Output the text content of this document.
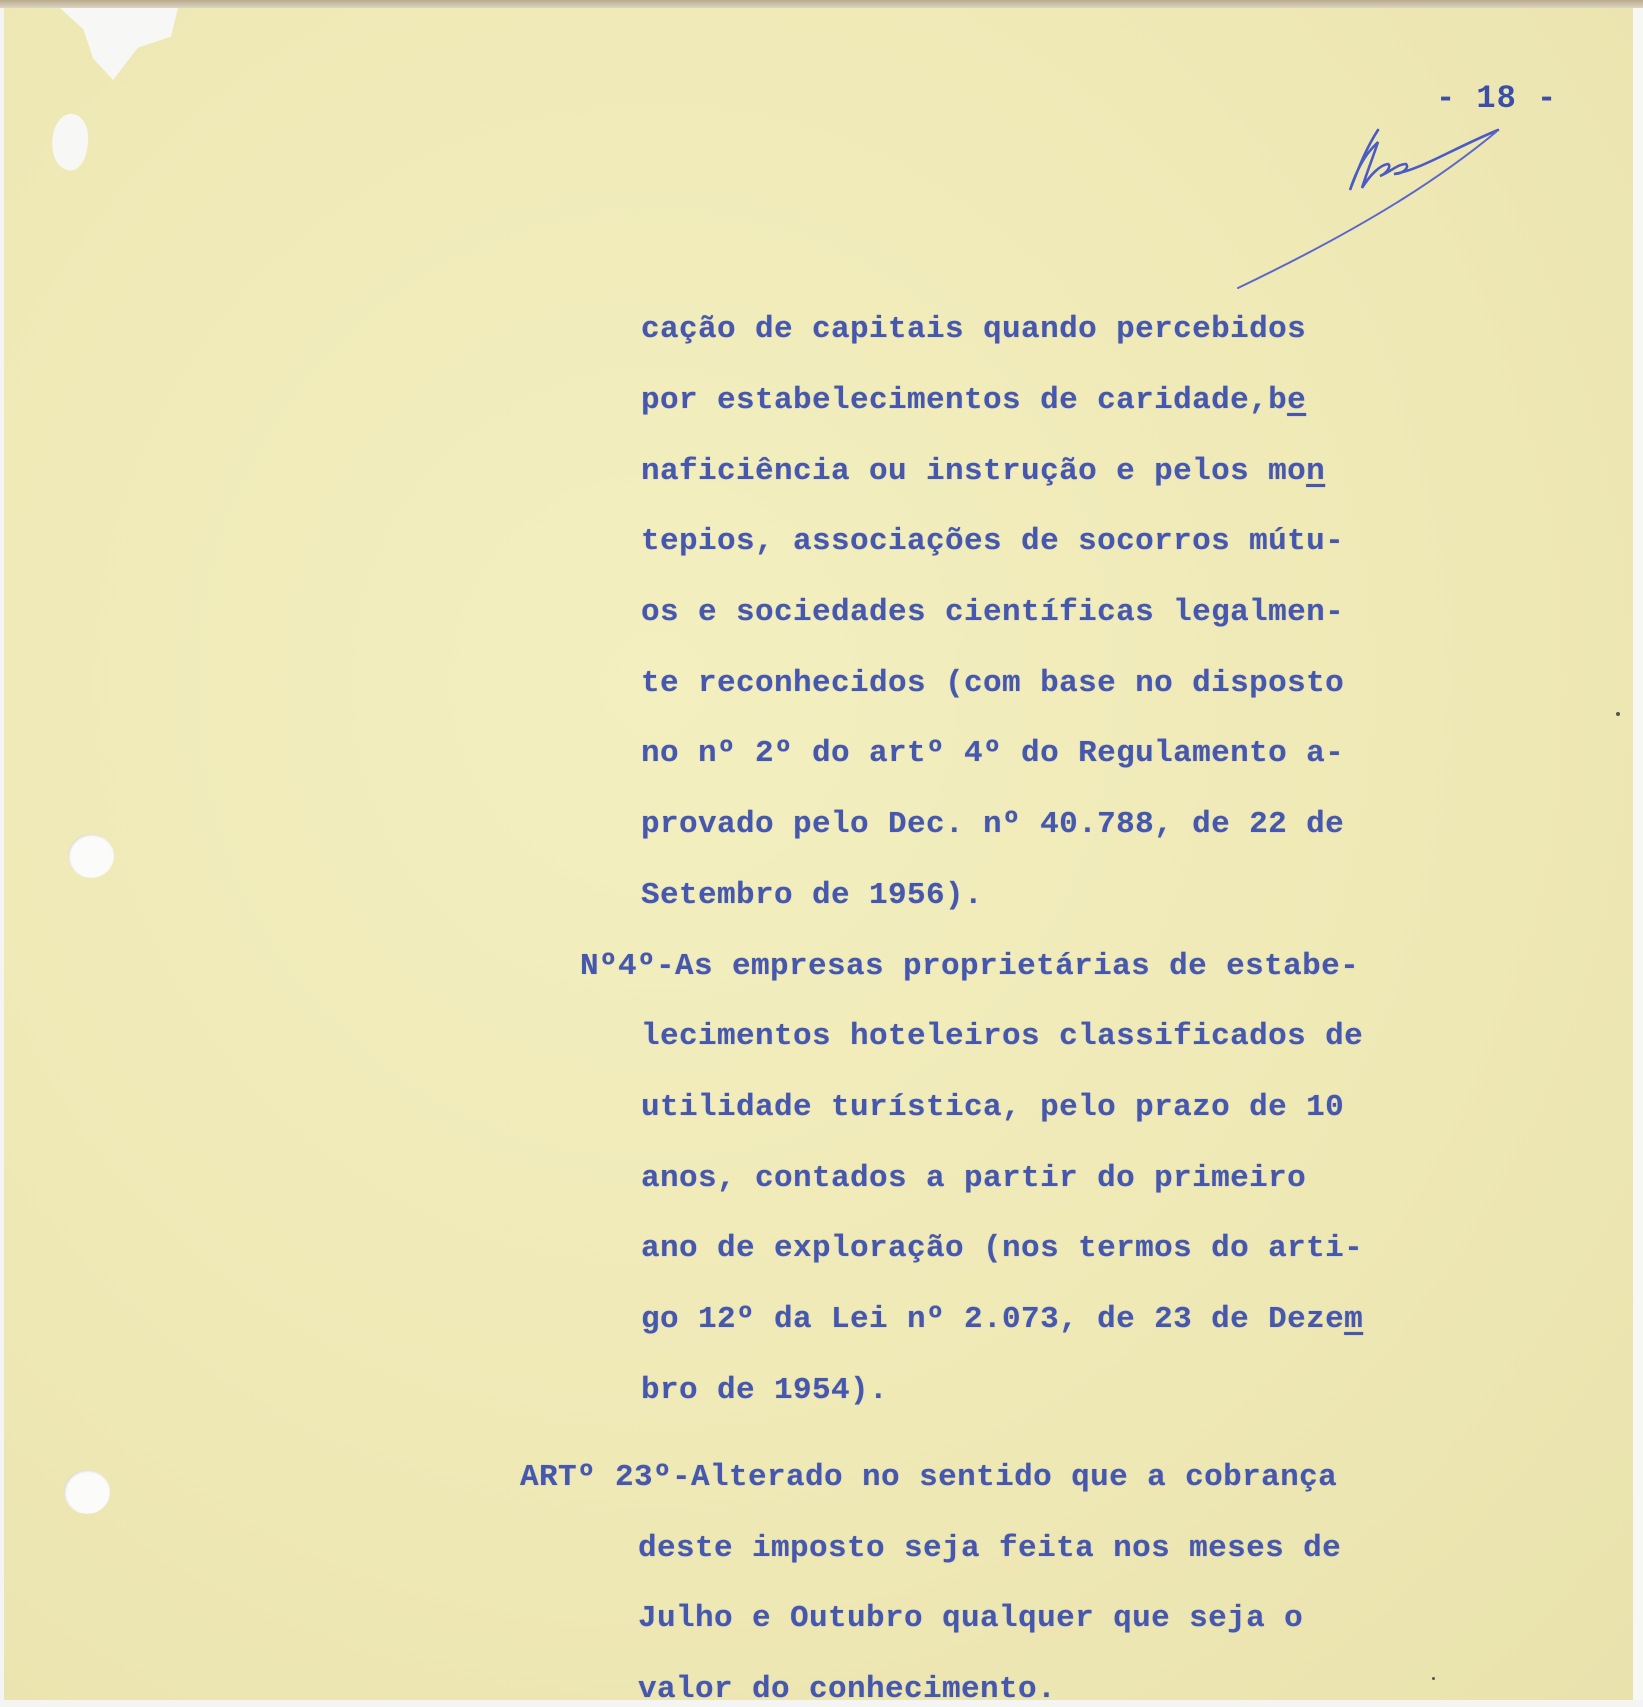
- 18 -
cação de capitais quando percebidos
por estabelecimentos de caridade,be
naficiência ou instrução e pelos mon
tepios, associações de socorros mútu-
os e sociedades científicas legalmen-
te reconhecidos (com base no disposto
no nº 2º do artº 4º do Regulamento a-
provado pelo Dec. nº 40.788, de 22 de
Setembro de 1956).
Nº4º-As empresas proprietárias de estabe-
lecimentos hoteleiros classificados de
utilidade turística, pelo prazo de 10
anos, contados a partir do primeiro
ano de exploração (nos termos do arti-
go 12º da Lei nº 2.073, de 23 de Dezem
bro de 1954).
ARTº 23º-Alterado no sentido que a cobrança
deste imposto seja feita nos meses de
Julho e Outubro qualquer que seja o
valor do conhecimento.
